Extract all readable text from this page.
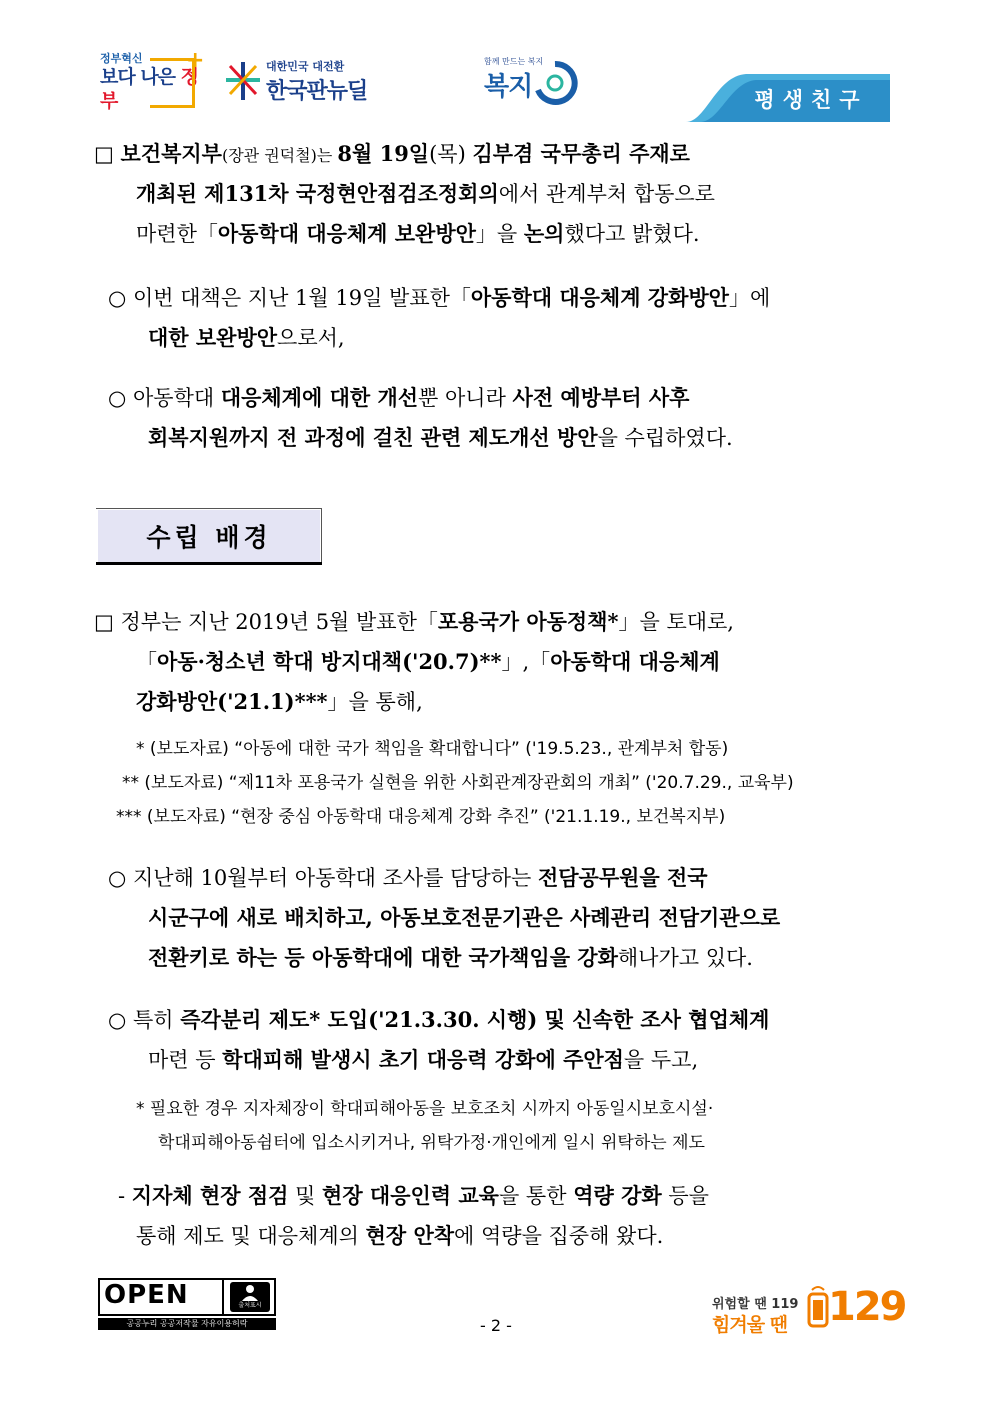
정부혁신
보다 나은 정부
+	대한민국 대전환
한국판뉴딜
함께 만드는 복지
복지	평생친구
□ 보건복지부(장관 권덕철)는 8월 19일(목) 김부겸 국무총리 주재로
개최된 제131차 국정현안점검조정회의에서 관계부처 합동으로
마련한「아동학대 대응체계 보완방안」을 논의했다고 밝혔다.
○ 이번 대책은 지난 1월 19일 발표한「아동학대 대응체계 강화방안」에
대한 보완방안으로서,
○ 아동학대 대응체계에 대한 개선뿐 아니라 사전 예방부터 사후
회복지원까지 전 과정에 걸친 관련 제도개선 방안을 수립하였다.
수립 배경
□ 정부는 지난 2019년 5월 발표한「포용국가 아동정책*」을 토대로,
「아동·청소년 학대 방지대책('20.7)**」,「아동학대 대응체계
강화방안('21.1)***」을 통해,
* (보도자료) “아동에 대한 국가 책임을 확대합니다” ('19.5.23., 관계부처 합동)
** (보도자료) “제11차 포용국가 실현을 위한 사회관계장관회의 개최” ('20.7.29., 교육부)
*** (보도자료) “현장 중심 아동학대 대응체계 강화 추진” ('21.1.19., 보건복지부)
○ 지난해 10월부터 아동학대 조사를 담당하는 전담공무원을 전국
시군구에 새로 배치하고, 아동보호전문기관은 사례관리 전담기관으로
전환키로 하는 등 아동학대에 대한 국가책임을 강화해나가고 있다.
○ 특히 즉각분리 제도* 도입('21.3.30. 시행) 및 신속한 조사 협업체계
마련 등 학대피해 발생시 초기 대응력 강화에 주안점을 두고,
* 필요한 경우 지자체장이 학대피해아동을 보호조치 시까지 아동일시보호시설·
학대피해아동쉼터에 입소시키거나, 위탁가정·개인에게 일시 위탁하는 제도
- 지자체 현장 점검 및 현장 대응인력 교육을 통한 역량 강화 등을
통해 제도 및 대응체계의 현장 안착에 역량을 집중해 왔다.
OPEN	출처표시
공공누리 공공저작물 자유이용허락	- 2 -
위험할 땐 119
힘겨울 땐 129
